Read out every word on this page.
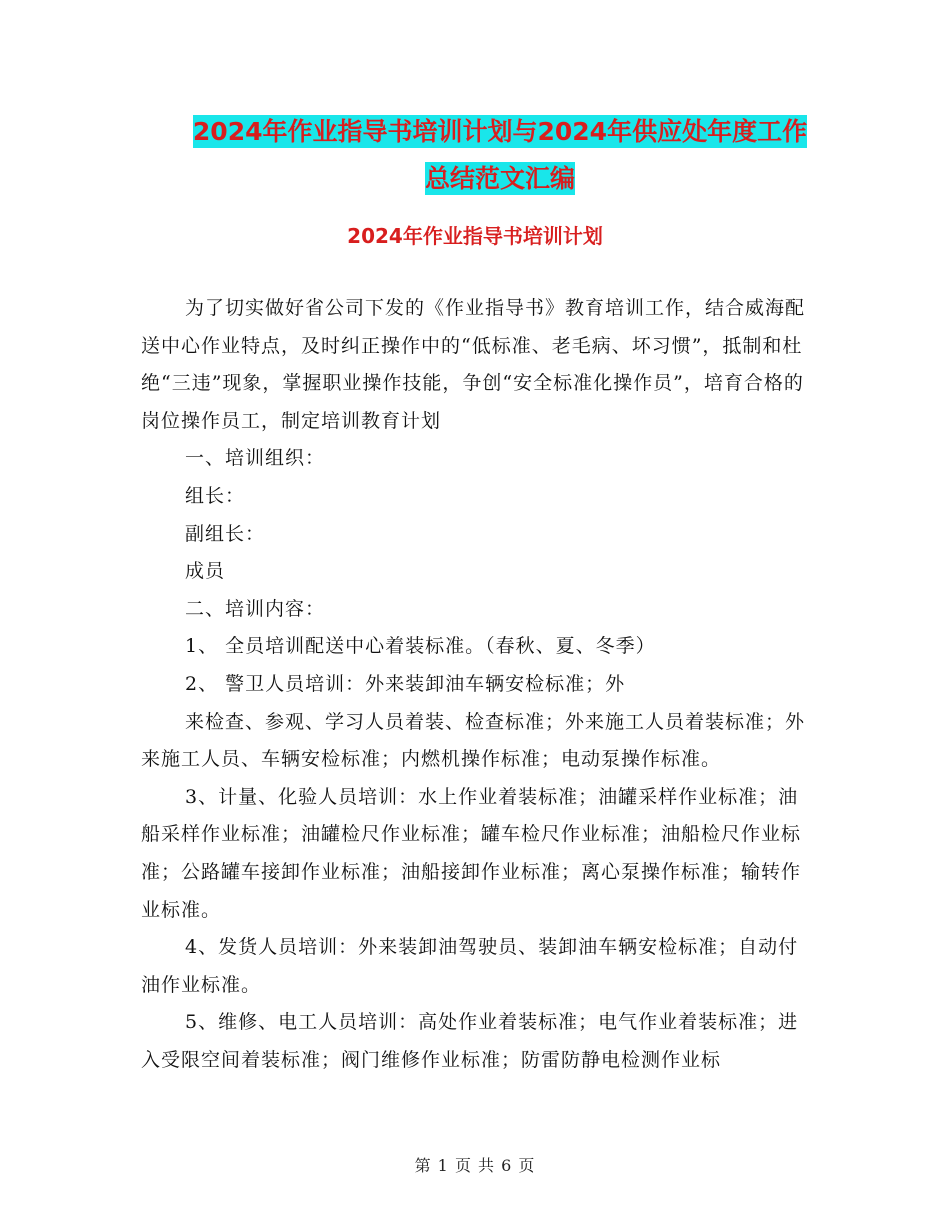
2024年作业指导书培训计划与2024年供应处年度工作
总结范文汇编
2024年作业指导书培训计划

为了切实做好省公司下发的《作业指导书》教育培训工作，结合威海配送中心作业特点，及时纠正操作中的“低标准、老毛病、坏习惯”，抵制和杜绝“三违”现象，掌握职业操作技能，争创“安全标准化操作员”，培育合格的岗位操作员工，制定培训教育计划

一、培训组织：

组长：

副组长：

成员

二、培训内容：

1、 全员培训配送中心着装标准。（春秋、夏、冬季）

2、 警卫人员培训：外来装卸油车辆安检标准；外

来检查、参观、学习人员着装、检查标准；外来施工人员着装标准；外来施工人员、车辆安检标准；内燃机操作标准；电动泵操作标准。

3、计量、化验人员培训：水上作业着装标准；油罐采样作业标准；油船采样作业标准；油罐检尺作业标准；罐车检尺作业标准；油船检尺作业标准；公路罐车接卸作业标准；油船接卸作业标准；离心泵操作标准；输转作业标准。

4、发货人员培训：外来装卸油驾驶员、装卸油车辆安检标准；自动付油作业标准。

5、维修、电工人员培训：高处作业着装标准；电气作业着装标准；进入受限空间着装标准；阀门维修作业标准；防雷防静电检测作业标

第 1 页 共 6 页
